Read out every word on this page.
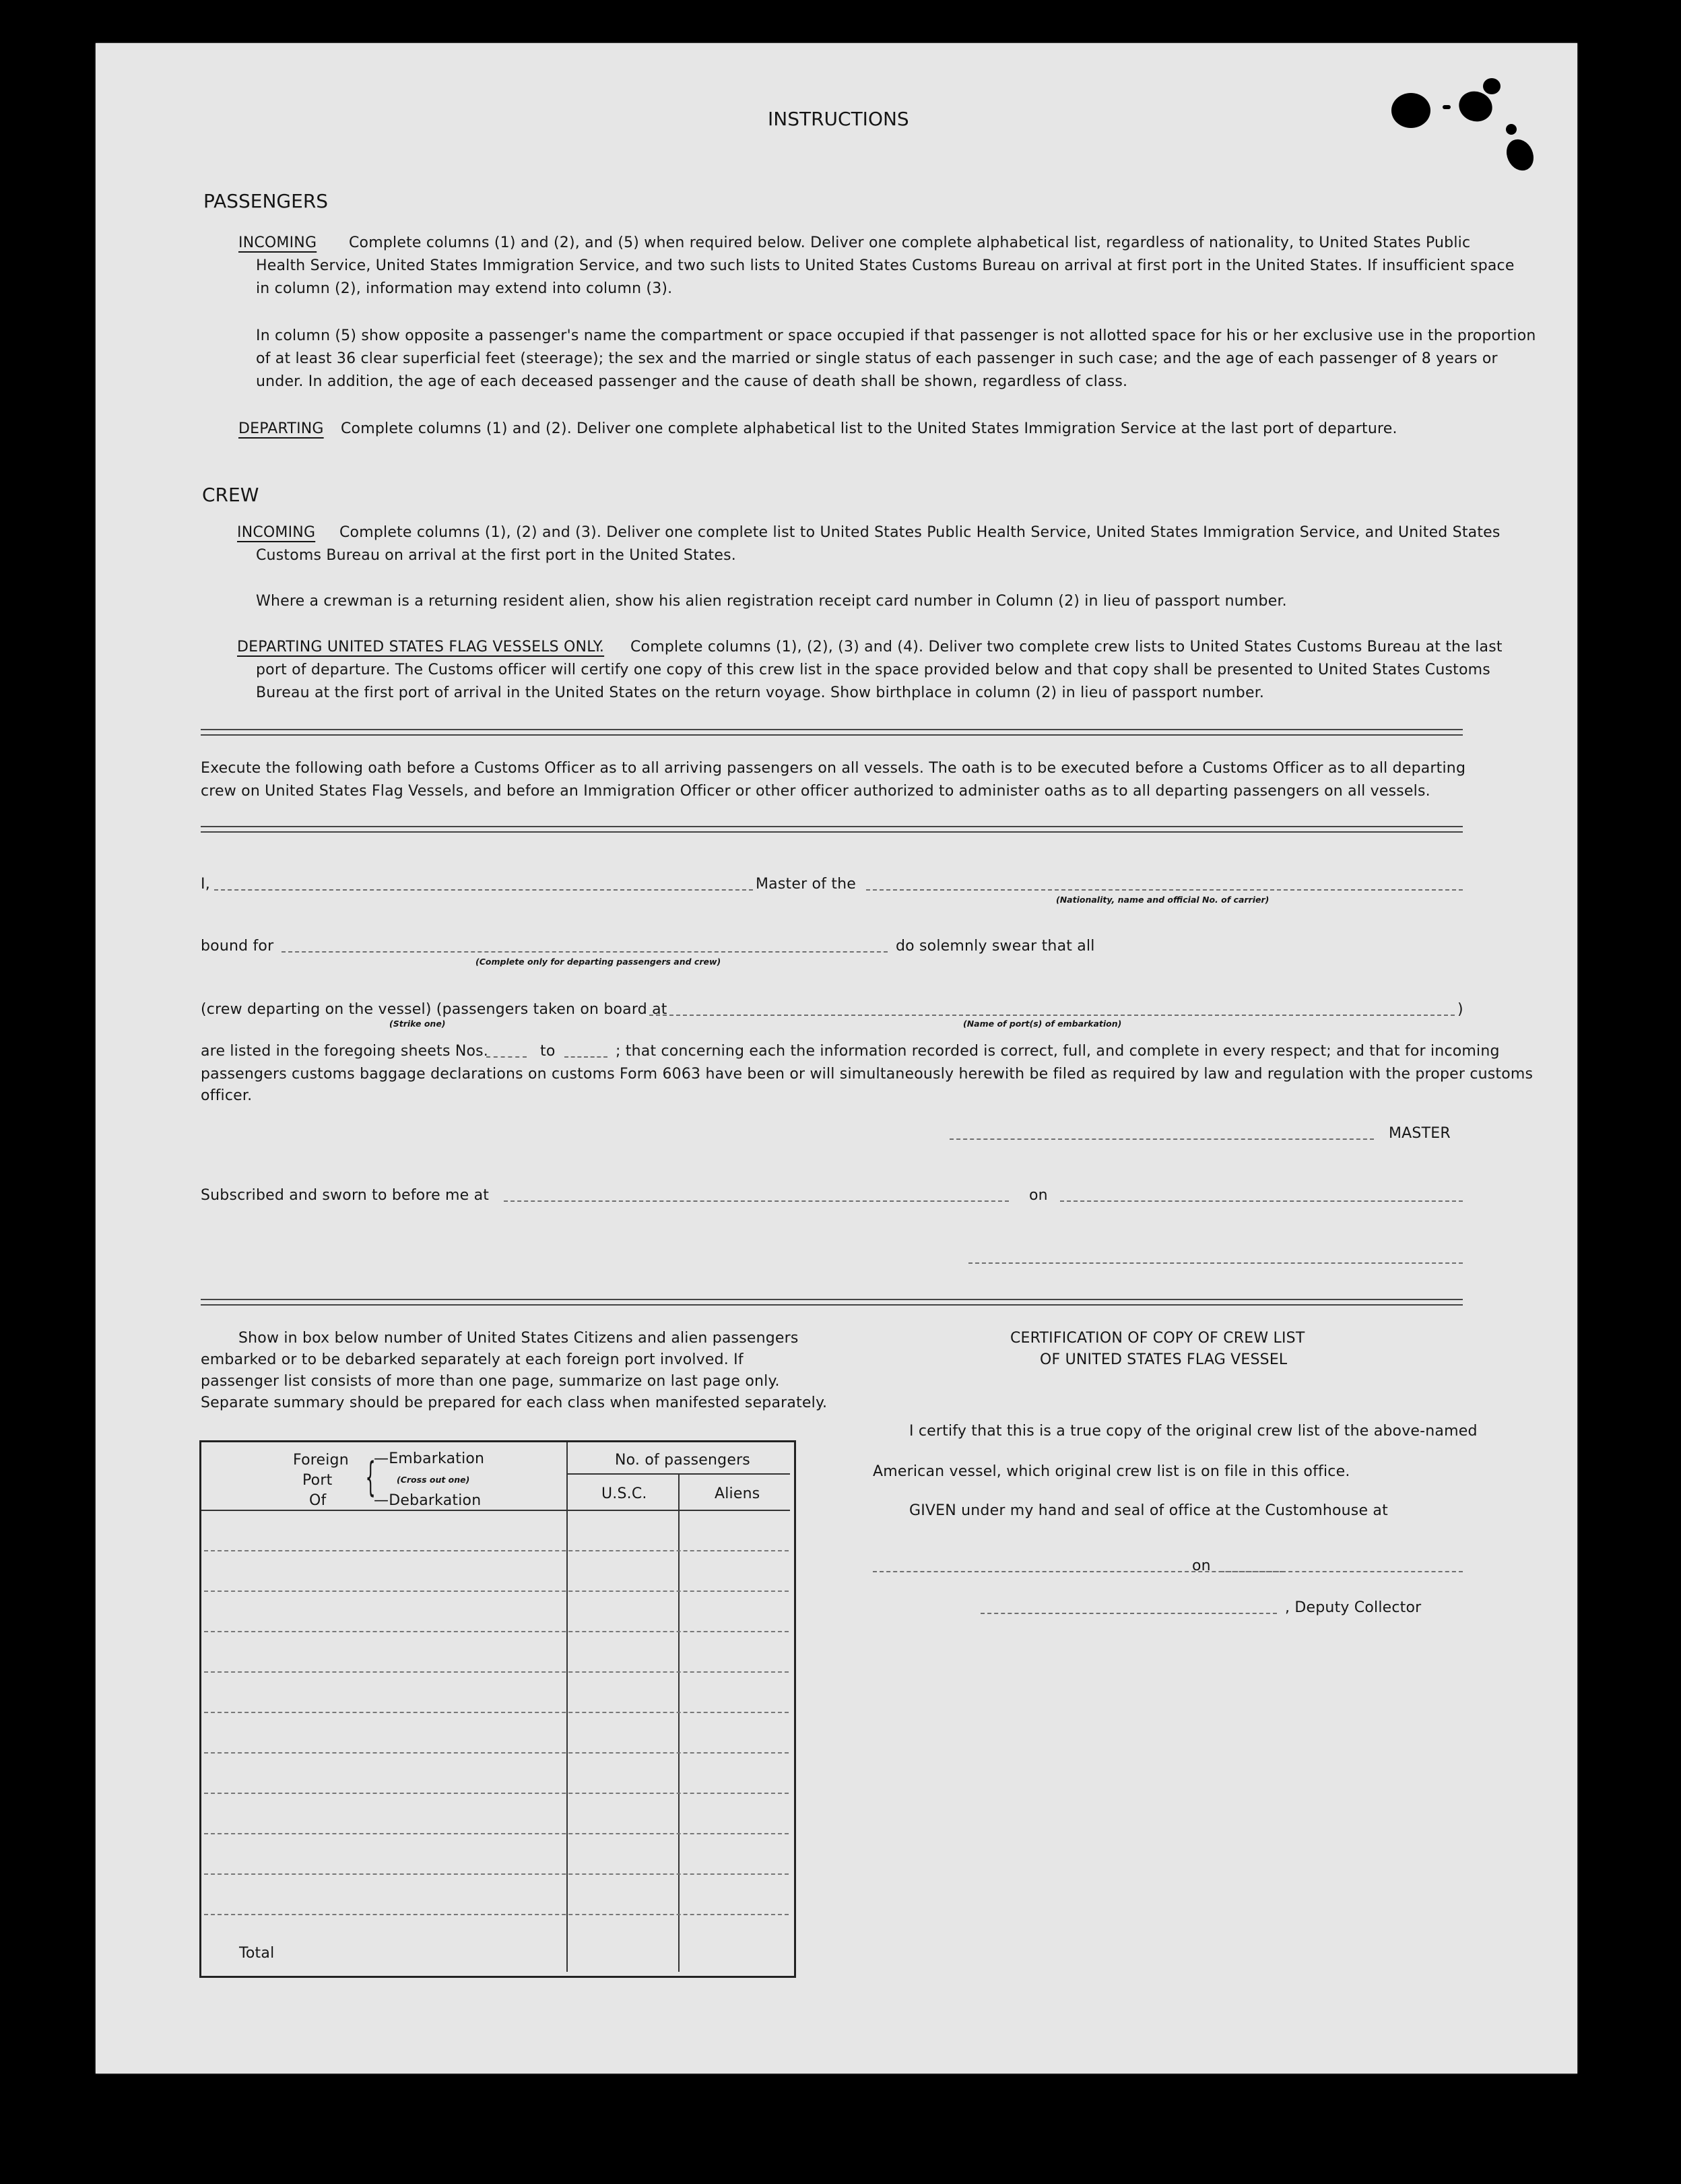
INSTRUCTIONS
PASSENGERS
INCOMING Complete columns (1) and (2), and (5) when required below. Deliver one complete alphabetical list, regardless of nationality, to United States Public
Health Service, United States Immigration Service, and two such lists to United States Customs Bureau on arrival at first port in the United States. If insufficient space
in column (2), information may extend into column (3).
In column (5) show opposite a passenger's name the compartment or space occupied if that passenger is not allotted space for his or her exclusive use in the proportion
of at least 36 clear superficial feet (steerage); the sex and the married or single status of each passenger in such case; and the age of each passenger of 8 years or
under. In addition, the age of each deceased passenger and the cause of death shall be shown, regardless of class.
DEPARTING Complete columns (1) and (2). Deliver one complete alphabetical list to the United States Immigration Service at the last port of departure.
CREW
INCOMING Complete columns (1), (2) and (3). Deliver one complete list to United States Public Health Service, United States Immigration Service, and United States
Customs Bureau on arrival at the first port in the United States.
Where a crewman is a returning resident alien, show his alien registration receipt card number in Column (2) in lieu of passport number.
DEPARTING UNITED STATES FLAG VESSELS ONLY. Complete columns (1), (2), (3) and (4). Deliver two complete crew lists to United States Customs Bureau at the last
port of departure. The Customs officer will certify one copy of this crew list in the space provided below and that copy shall be presented to United States Customs
Bureau at the first port of arrival in the United States on the return voyage. Show birthplace in column (2) in lieu of passport number.
Execute the following oath before a Customs Officer as to all arriving passengers on all vessels. The oath is to be executed before a Customs Officer as to all departing
crew on United States Flag Vessels, and before an Immigration Officer or other officer authorized to administer oaths as to all departing passengers on all vessels.
I,	Master of the
(Nationality, name and official No. of carrier)
bound for
(Complete only for departing passengers and crew)
do solemnly swear that all
(crew departing on the vessel) (passengers taken on board at	)
(Strike one)	(Name of port(s) of embarkation)
are listed in the foregoing sheets Nos.	to	; that concerning each the information recorded is correct, full, and complete in every respect; and that for incoming
passengers customs baggage declarations on customs Form 6063 have been or will simultaneously herewith be filed as required by law and regulation with the proper customs
officer.
MASTER
Subscribed and sworn to before me at	on
Show in box below number of United States Citizens and alien passengers
embarked or to be debarked separately at each foreign port involved. If
passenger list consists of more than one page, summarize on last page only.
Separate summary should be prepared for each class when manifested separately.
Foreign
Port
Of {
—Embarkation
(Cross out one)
—Debarkation
No. of passengers
U.S.C.	Aliens
Total
CERTIFICATION OF COPY OF CREW LIST
OF UNITED STATES FLAG VESSEL
I certify that this is a true copy of the original crew list of the above-named
American vessel, which original crew list is on file in this office.
GIVEN under my hand and seal of office at the Customhouse at
on
, Deputy Collector
